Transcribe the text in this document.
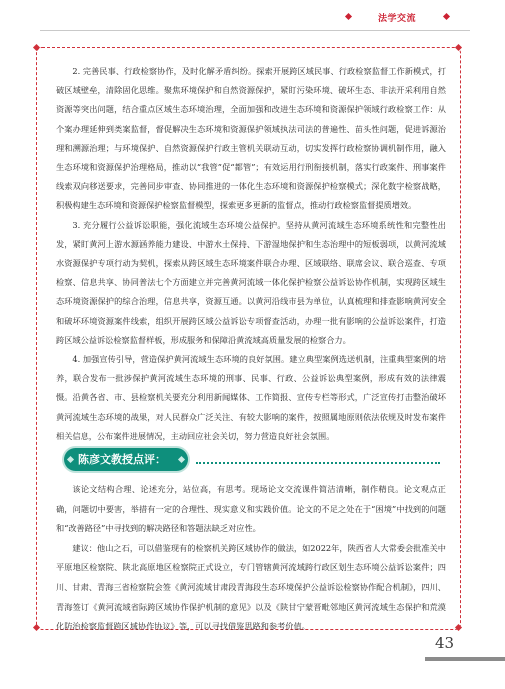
法学交流

2. 完善民事、行政检察协作，及时化解矛盾纠纷。探索开展跨区域民事、行政检察监督工作新模式，打破区域壁垒，清除固化思维。聚焦环境保护和自然资源保护，紧盯污染环境、破坏生态、非法开采利用自然资源等突出问题，结合重点区域生态环境治理，全面加强和改进生态环境和资源保护领域行政检察工作：从个案办理延伸到类案监督，督促解决生态环境和资源保护领域执法司法的普遍性、苗头性问题，促进诉源治理和溯源治理；与环境保护、自然资源保护行政主管机关联动互动，切实发挥行政检察协调机制作用，融入生态环境和资源保护治理格局，推动以“我管”促“都管”；有效运用行刑衔接机制，落实行政案件、刑事案件线索双向移送要求，完善同步审查、协同推进的一体化生态环境和资源保护检察模式；深化数字检察战略，积极构建生态环境和资源保护检察监督模型，探索更多更新的监督点，推动行政检察监督提质增效。

3. 充分履行公益诉讼职能，强化流域生态环境公益保护。坚持从黄河流域生态环境系统性和完整性出发，紧盯黄河上游水源涵养能力建设、中游水土保持、下游湿地保护和生态治理中的短板弱项，以黄河流域水资源保护专项行动为契机，探索从跨区域生态环境案件联合办理、区域联络、联席会议、联合巡查、专项检察、信息共享、协同普法七个方面建立并完善黄河流域一体化保护检察公益诉讼协作机制，实现跨区域生态环境资源保护的综合治理，信息共享，资源互通。以黄河沿线市县为单位，认真梳理和排查影响黄河安全和破坏环境资源案件线索，组织开展跨区域公益诉讼专项督查活动，办理一批有影响的公益诉讼案件，打造跨区域公益诉讼检察监督样板，形成服务和保障沿黄流域高质量发展的检察合力。

4. 加强宣传引导，营造保护黄河流域生态环境的良好氛围。建立典型案例选送机制，注重典型案例的培养，联合发布一批涉保护黄河流域生态环境的刑事、民事、行政、公益诉讼典型案例，形成有效的法律震慑。沿黄各省、市、县检察机关要充分利用新闻媒体、工作简报、宣传专栏等形式，广泛宣传打击整治破坏黄河流域生态环境的战果，对人民群众广泛关注、有较大影响的案件，按照属地原则依法依规及时发布案件相关信息，公布案件进展情况，主动回应社会关切，努力营造良好社会氛围。

陈彦文教授点评：

该论文结构合理、论述充分，站位高，有思考。现场论文交流课件简洁清晰，制作精良。论文观点正确，问题切中要害，举措有一定的合理性、现实意义和实践价值。论文的不足之处在于“困境”中找到的问题和“改善路径”中寻找到的解决路径和答题法缺乏对应性。

建议：他山之石，可以借鉴现有的检察机关跨区域协作的做法，如2022年，陕西省人大常委会批准关中平原地区检察院、陕北高原地区检察院正式设立，专门管辖黄河流域跨行政区划生态环境公益诉讼案件；四川、甘肃、青海三省检察院会签《黄河流域甘肃段青海段生态环境保护公益诉讼检察协作配合机制》，四川、青海签订《黄河流域省际跨区域协作保护机制的意见》以及《陕甘宁蒙晋毗邻地区黄河流域生态保护和荒漠化防治检察监督跨区域协作协议》等，可以寻找借鉴思路和参考价值。

43
